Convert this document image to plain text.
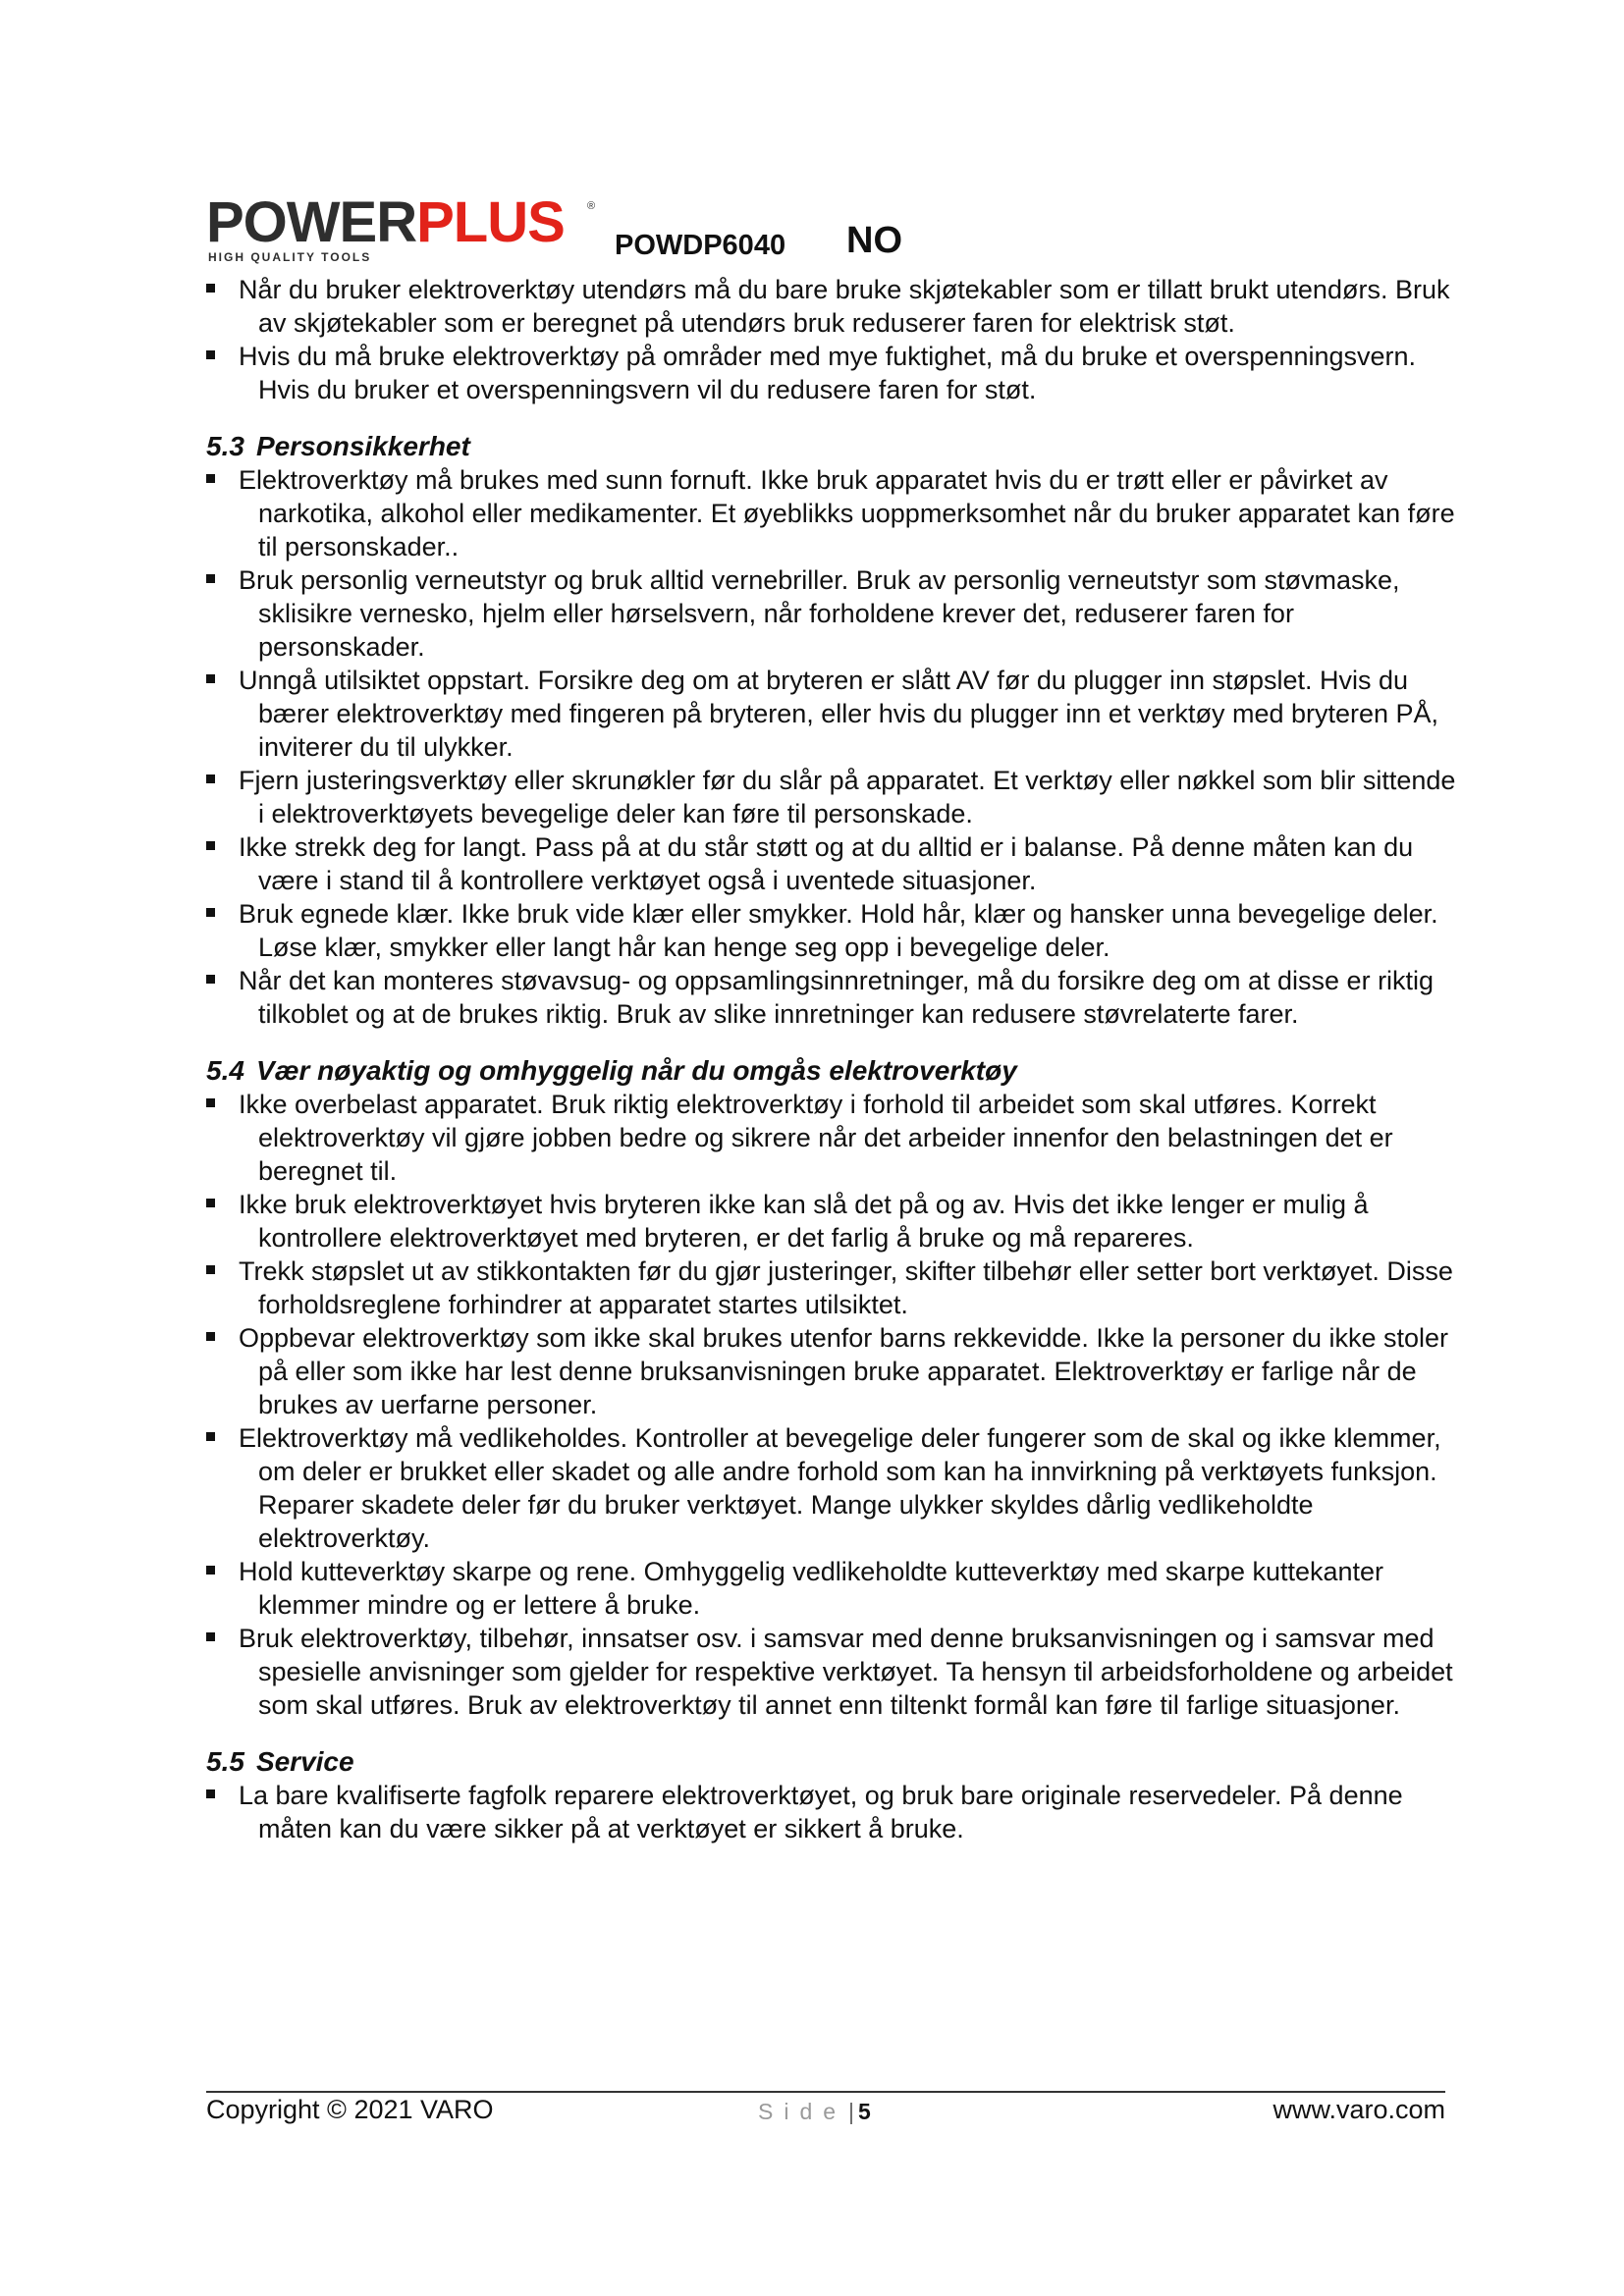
POWERPLUS ®
HIGH QUALITY TOOLS	POWDP6040 NO
Når du bruker elektroverktøy utendørs må du bare bruke skjøtekabler som er tillatt brukt utendørs. Bruk av skjøtekabler som er beregnet på utendørs bruk reduserer faren for elektrisk støt.
Hvis du må bruke elektroverktøy på områder med mye fuktighet, må du bruke et overspenningsvern. Hvis du bruker et overspenningsvern vil du redusere faren for støt.
5.3 Personsikkerhet
Elektroverktøy må brukes med sunn fornuft. Ikke bruk apparatet hvis du er trøtt eller er påvirket av narkotika, alkohol eller medikamenter. Et øyeblikks uoppmerksomhet når du bruker apparatet kan føre til personskader..
Bruk personlig verneutstyr og bruk alltid vernebriller. Bruk av personlig verneutstyr som støvmaske, sklisikre vernesko, hjelm eller hørselsvern, når forholdene krever det, reduserer faren for personskader.
Unngå utilsiktet oppstart. Forsikre deg om at bryteren er slått AV før du plugger inn støpslet. Hvis du bærer elektroverktøy med fingeren på bryteren, eller hvis du plugger inn et verktøy med bryteren PÅ, inviterer du til ulykker.
Fjern justeringsverktøy eller skrunøkler før du slår på apparatet. Et verktøy eller nøkkel som blir sittende i elektroverktøyets bevegelige deler kan føre til personskade.
Ikke strekk deg for langt. Pass på at du står støtt og at du alltid er i balanse. På denne måten kan du være i stand til å kontrollere verktøyet også i uventede situasjoner.
Bruk egnede klær. Ikke bruk vide klær eller smykker. Hold hår, klær og hansker unna bevegelige deler. Løse klær, smykker eller langt hår kan henge seg opp i bevegelige deler.
Når det kan monteres støvavsug- og oppsamlingsinnretninger, må du forsikre deg om at disse er riktig tilkoblet og at de brukes riktig. Bruk av slike innretninger kan redusere støvrelaterte farer.
5.4 Vær nøyaktig og omhyggelig når du omgås elektroverktøy
Ikke overbelast apparatet. Bruk riktig elektroverktøy i forhold til arbeidet som skal utføres. Korrekt elektroverktøy vil gjøre jobben bedre og sikrere når det arbeider innenfor den belastningen det er beregnet til.
Ikke bruk elektroverktøyet hvis bryteren ikke kan slå det på og av. Hvis det ikke lenger er mulig å kontrollere elektroverktøyet med bryteren, er det farlig å bruke og må repareres.
Trekk støpslet ut av stikkontakten før du gjør justeringer, skifter tilbehør eller setter bort verktøyet. Disse forholdsreglene forhindrer at apparatet startes utilsiktet.
Oppbevar elektroverktøy som ikke skal brukes utenfor barns rekkevidde. Ikke la personer du ikke stoler på eller som ikke har lest denne bruksanvisningen bruke apparatet. Elektroverktøy er farlige når de brukes av uerfarne personer.
Elektroverktøy må vedlikeholdes. Kontroller at bevegelige deler fungerer som de skal og ikke klemmer, om deler er brukket eller skadet og alle andre forhold som kan ha innvirkning på verktøyets funksjon. Reparer skadete deler før du bruker verktøyet. Mange ulykker skyldes dårlig vedlikeholdte elektroverktøy.
Hold kutteverktøy skarpe og rene. Omhyggelig vedlikeholdte kutteverktøy med skarpe kuttekanter klemmer mindre og er lettere å bruke.
Bruk elektroverktøy, tilbehør, innsatser osv. i samsvar med denne bruksanvisningen og i samsvar med spesielle anvisninger som gjelder for respektive verktøyet. Ta hensyn til arbeidsforholdene og arbeidet som skal utføres. Bruk av elektroverktøy til annet enn tiltenkt formål kan føre til farlige situasjoner.
5.5 Service
La bare kvalifiserte fagfolk reparere elektroverktøyet, og bruk bare originale reservedeler. På denne måten kan du være sikker på at verktøyet er sikkert å bruke.
Copyright © 2021 VARO	Side| 5	www.varo.com
